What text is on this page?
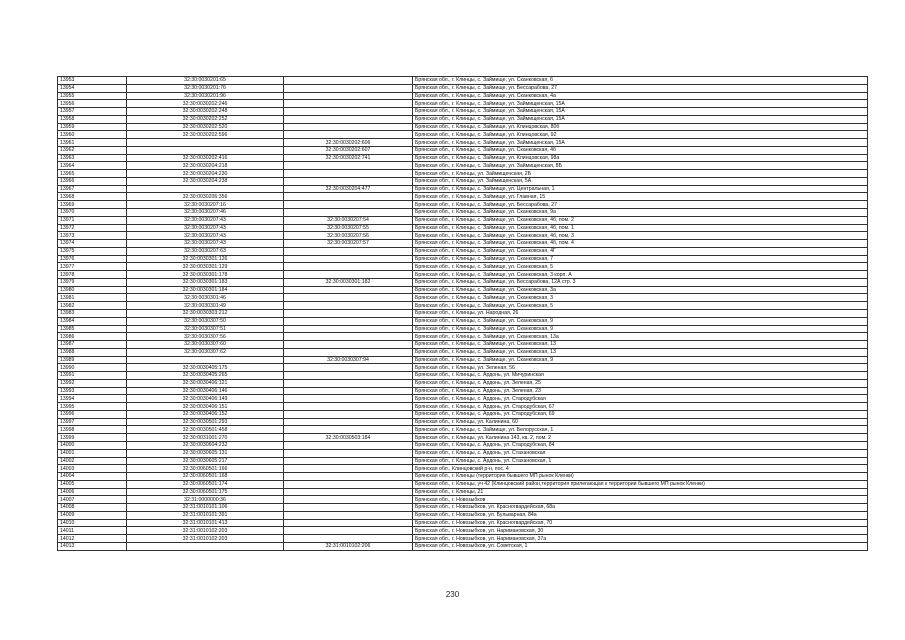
13953	32:30:0030201:65		Брянская обл., г. Клинцы, с. Займище, ул. Сканковская, 6
13954	32:30:0030201:76		Брянская обл., г. Клинцы, с. Займище, ул. Бессарабова, 27
13955	32:30:0030201:96		Брянская обл., г. Клинцы, с. Займище, ул. Сканковская, 4а
13956	32:30:0030202:246		Брянская обл., г. Клинцы, с. Займище, ул. Займищенская, 15А
13957	32:30:0030202:248		Брянская обл., г. Клинцы, с. Займище, ул. Займищенская, 15А
13958	32:30:0030202:252		Брянская обл., г. Клинцы, с. Займище, ул. Займищенская, 15А
13959	32:30:0030202:520		Брянская обл., г. Клинцы, с. Займище, ул. Клинцовская, 80б
13960	32:30:0030202:596		Брянская обл., г. Клинцы, с. Займище, ул. Клинцовская, 92
13961		32:30:0030202:606	Брянская обл., г. Клинцы, с. Займище, ул. Займищенская, 15А
13962		32:30:0030202:607	Брянская обл., г. Клинцы, с. Займище, ул. Сканковская, 4б
13963	32:30:0030202:416	32:30:0030202:741	Брянская обл., г. Клинцы, с. Займище, ул. Клинцовская, 98а
13964	32:30:0030204:218		Брянская обл., г. Клинцы, с. Займище, ул. Займищенская, 8Б
13965	32:30:0030204:230		Брянская обл., г. Клинцы, ул. Займищенская, 2Б
13966	32:30:0030204:238		Брянская обл., г. Клинцы, ул. Займищенская, 5А
13967		32:30:0030204:477	Брянская обл., г. Клинцы, с. Займище, ул. Центральная, 1
13968	32:30:0030206:356		Брянская обл., г. Клинцы, с. Займище, ул. Главная, 15
13969	32:30:0030207:16		Брянская обл., г. Клинцы, с. Займище, ул. Бессарабова, 27
13970	32:30:0030207:46		Брянская обл., г. Клинцы, с. Займище, ул. Сканковская, 9а
13971	32:30:0030207:43	32:30:0030207:54	Брянская обл., г. Клинцы, с. Займище, ул. Сканковская, 4б, пом. 2
13972	32:30:0030207:43	32:30:0030207:55	Брянская обл., г. Клинцы, с. Займище, ул. Сканковская, 4б, пом. 1
13973	32:30:0030207:43	32:30:0030207:56	Брянская обл., г. Клинцы, с. Займище, ул. Сканковская, 4б, пом. 3
13974	32:30:0030207:43	32:30:0030207:57	Брянская обл., г. Клинцы, с. Займище, ул. Сканковская, 4б, пом. 4
13975	32:30:0030207:63		Брянская обл., г. Клинцы, с. Займище, ул. Сканковская, 4Г
13976	32:30:0030301:126		Брянская обл., г. Клинцы, с. Займище, ул. Сканковская, 7
13977	32:30:0030301:129		Брянская обл., г. Клинцы, с. Займище, ул. Сканковская, 5
13978	32:30:0030301:178		Брянская обл., г. Клинцы, с. Займище, ул. Сканковская, 3 корп. А
13979	32:30:0030301:183	32:30:0030301:182	Брянская обл., г. Клинцы, с. Займище, ул. Бессарабова, 12А стр. 3
13980	32:30:0030301:184		Брянская обл., г. Клинцы, с. Займище, ул. Сканковская, 3а
13981	32:30:0030301:46		Брянская обл., г. Клинцы, с. Займище, ул. Сканковская, 3
13982	32:30:0030301:49		Брянская обл., г. Клинцы, с. Займище, ул. Сканковская, 5
13983	32:30:0030303:212		Брянская обл., г. Клинцы, ул. Народная, 26
13984	32:30:0030307:50		Брянская обл., г. Клинцы, с. Займище, ул. Сканковская, 9
13985	32:30:0030307:51		Брянская обл., г. Клинцы, с. Займище, ул. Сканковская, 9
13986	32:30:0030307:56		Брянская обл., г. Клинцы, с. Займище, ул. Сканковская, 13а
13987	32:30:0030307:60		Брянская обл., г. Клинцы, с. Займище, ул. Сканковская, 13
13988	32:30:0030307:62		Брянская обл., г. Клинцы, с. Займище, ул. Сканковская, 13
13989		32:30:0030307:94	Брянская обл., г. Клинцы, с. Займище, ул. Сканковская, 9
13990	32:30:0030405:175		Брянская обл., г. Клинцы, ул. Зеленая, 56
13991	32:30:0030405:265		Брянская обл., г. Клинцы, с. Ардонь, ул. Мичуринская
13992	32:30:0030406:121		Брянская обл., г. Клинцы, с. Ардонь, ул. Зеленая, 25
13993	32:30:0030406:146		Брянская обл., г. Клинцы, с. Ардонь, ул. Зеленая, 23
13994	32:30:0030406:149		Брянская обл., г. Клинцы, с. Ардонь, ул. Стародубская
13995	32:30:0030406:151		Брянская обл., г. Клинцы, с. Ардонь, ул. Стародубская, 67
13996	32:30:0030406:152		Брянская обл., г. Клинцы, с. Ардонь, ул. Стародубская, 69
13997	32:30:0030501:293		Брянская обл., г. Клинцы, ул. Калинина, 60
13998	32:30:0030501:458		Брянская обл., г. Клинцы, с. Займище, ул. Белорусская, 1
13999	32:30:0031001:270	32:30:0030503:184	Брянская обл., г. Клинцы, ул. Калинина 143, кв. 2, пом. 2
14000	32:30:0030604:232		Брянская обл., г. Клинцы, с. Ардонь, ул. Стародубская, 84
14001	32:30:0030605:131		Брянская обл., г. Клинцы, с. Ардонь, ул. Стахановская
14002	32:30:0030605:217		Брянская обл., г. Клинцы, с. Ардонь, ул. Стахановская, 1
14003	32:30:0060501:166		Брянская обл., Клинцовский р-н, пос. 4
14004	32:30:0060501:168		Брянская обл., г. Клинцы (территория бывшего МП рынок Кленки)
14005	32:30:0060501:174		Брянская обл., г. Клинцы, уч 42 (Клинцовский район,территория прилегающая к территории бывшего МП рынок Кленки)
14006	32:30:0060501:175		Брянская обл., г. Клинцы, 21
14007	32:31:0000000:36		Брянская обл., г. Новозыбков
14008	32:31:0010101:106		Брянская обл., г. Новозыбков, ул. Красногвардейская, 68а
14009	32:31:0010101:391		Брянская обл., г. Новозыбков, ул. Бульварная, 84а
14010	32:31:0010101:413		Брянская обл., г. Новозыбков, ул. Красногвардейская, 70
14011	32:31:0010102:203		Брянская обл., г. Новозыбков, ул. Наримановская, 30
14012	32:31:0010102:203		Брянская обл., г. Новозыбков, ул. Наримановская, 37а
14013		32:31:0010102:206	Брянская обл., г. Новозыбков, ул. Советская, 1
230
